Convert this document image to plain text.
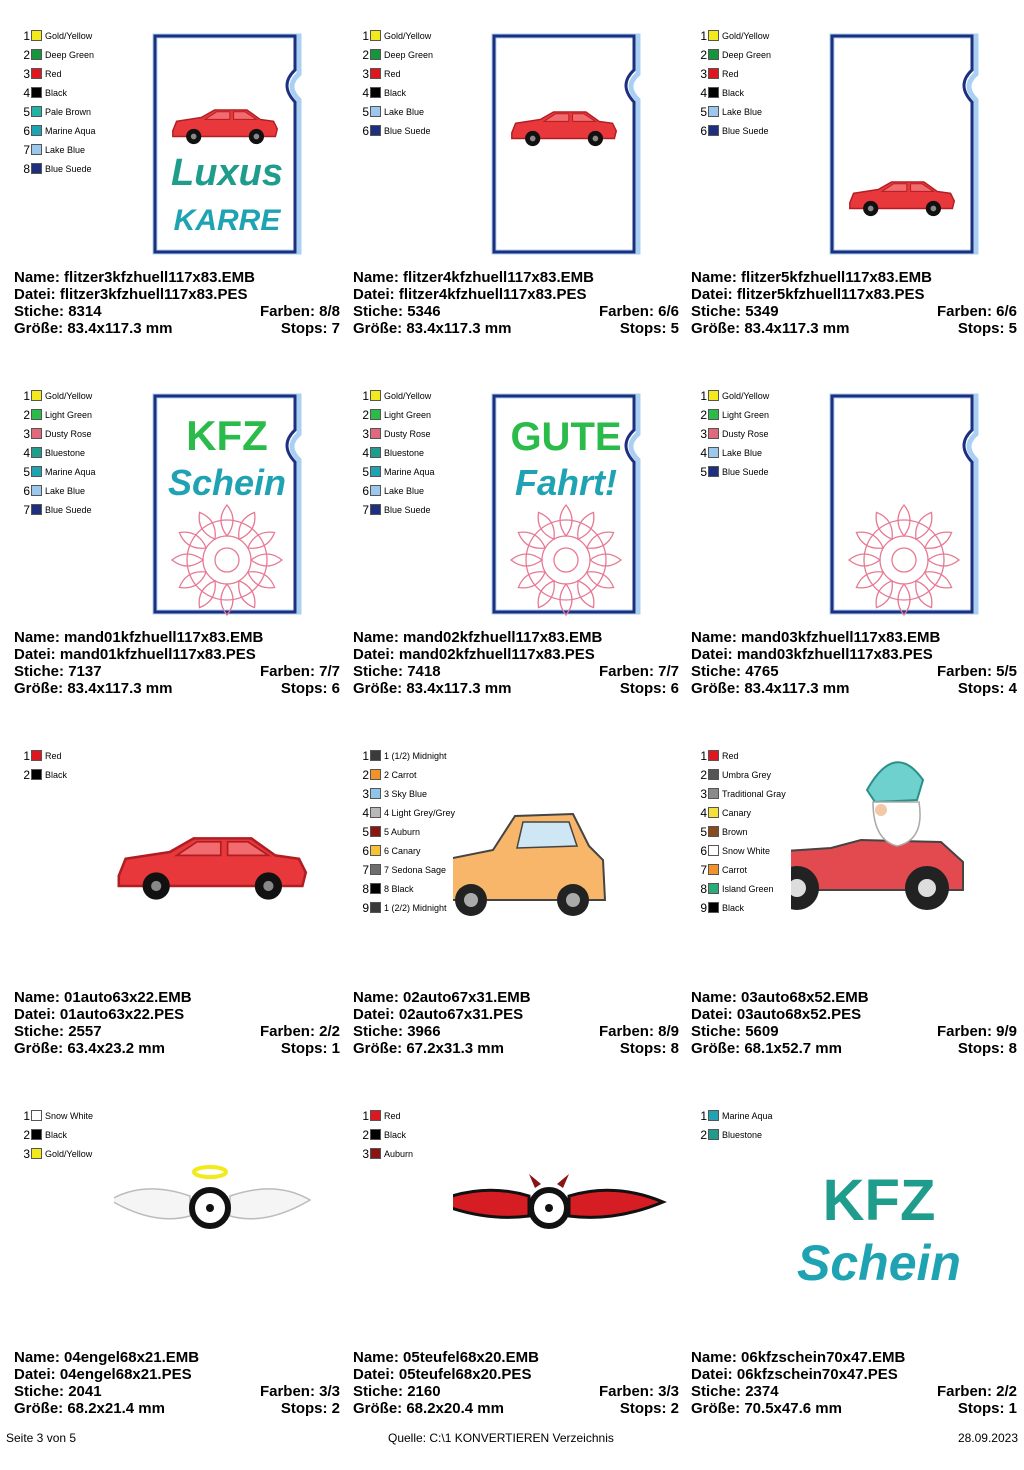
1 Gold/Yellow
2 Deep Green
3 Red
4 Black
5 Pale Brown
6 Marine Aqua
7 Lake Blue
8 Blue Suede Luxus
KARRE
Name: flitzer3kfzhuell117x83.EMB
Datei: flitzer3kfzhuell117x83.PES
Stiche: 8314	Farben: 8/8
Größe: 83.4x117.3 mm	Stops: 7
1 Gold/Yellow
2 Deep Green
3 Red
4 Black
5 Lake Blue
6 Blue Suede
Name: flitzer4kfzhuell117x83.EMB
Datei: flitzer4kfzhuell117x83.PES
Stiche: 5346	Farben: 6/6
Größe: 83.4x117.3 mm	Stops: 5
1 Gold/Yellow
2 Deep Green
3 Red
4 Black
5 Lake Blue
6 Blue Suede
Name: flitzer5kfzhuell117x83.EMB
Datei: flitzer5kfzhuell117x83.PES
Stiche: 5349	Farben: 6/6
Größe: 83.4x117.3 mm	Stops: 5
1 Gold/Yellow
2 Light Green
3 Dusty Rose
4 Bluestone
5 Marine Aqua
6 Lake Blue
7 Blue Suede
KFZ
Schein
Name: mand01kfzhuell117x83.EMB
Datei: mand01kfzhuell117x83.PES
Stiche: 7137	Farben: 7/7
Größe: 83.4x117.3 mm	Stops: 6
1 Gold/Yellow
2 Light Green
3 Dusty Rose
4 Bluestone
5 Marine Aqua
6 Lake Blue
7 Blue Suede
GUTE
Fahrt!
Name: mand02kfzhuell117x83.EMB
Datei: mand02kfzhuell117x83.PES
Stiche: 7418	Farben: 7/7
Größe: 83.4x117.3 mm	Stops: 6
1 Gold/Yellow
2 Light Green
3 Dusty Rose
4 Lake Blue
5 Blue Suede
Name: mand03kfzhuell117x83.EMB
Datei: mand03kfzhuell117x83.PES
Stiche: 4765	Farben: 5/5
Größe: 83.4x117.3 mm	Stops: 4
1 Red
2 Black
Name: 01auto63x22.EMB
Datei: 01auto63x22.PES
Stiche: 2557	Farben: 2/2
Größe: 63.4x23.2 mm	Stops: 1
1 1 (1/2) Midnight
2 2 Carrot
3 3 Sky Blue
4 4 Light Grey/Grey
5 5 Auburn
6 6 Canary
7 7 Sedona Sage
8 8 Black
9 1 (2/2) Midnight
Name: 02auto67x31.EMB
Datei: 02auto67x31.PES
Stiche: 3966	Farben: 8/9
Größe: 67.2x31.3 mm	Stops: 8
1 Red
2 Umbra Grey
3 Traditional Gray
4 Canary
5 Brown
6 Snow White
7 Carrot
8 Island Green
9 Black
Name: 03auto68x52.EMB
Datei: 03auto68x52.PES
Stiche: 5609	Farben: 9/9
Größe: 68.1x52.7 mm	Stops: 8
1 Snow White
2 Black
3 Gold/Yellow
Name: 04engel68x21.EMB
Datei: 04engel68x21.PES
Stiche: 2041	Farben: 3/3
Größe: 68.2x21.4 mm	Stops: 2
1 Red
2 Black
3 Auburn
Name: 05teufel68x20.EMB
Datei: 05teufel68x20.PES
Stiche: 2160	Farben: 3/3
Größe: 68.2x20.4 mm	Stops: 2
1 Marine Aqua
2 Bluestone
KFZ
Schein
Name: 06kfzschein70x47.EMB
Datei: 06kfzschein70x47.PES
Stiche: 2374	Farben: 2/2
Größe: 70.5x47.6 mm	Stops: 1
Seite 3 von 5	Quelle: C:\1 KONVERTIEREN Verzeichnis	28.09.2023
